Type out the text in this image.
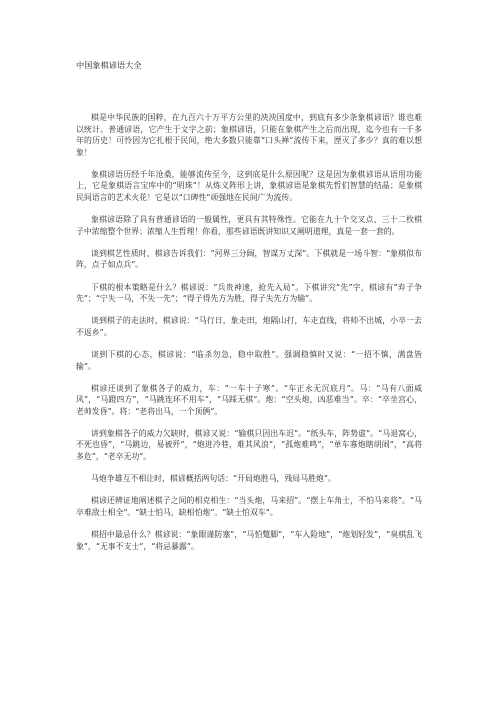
中国象棋谚语大全

棋是中华民族的国粹，在九百六十万平方公里的泱泱国度中，到底有多少条象棋谚语？谁也难以统计。普通谚语，它产生于文字之前；象棋谚语，只能在象棋产生之后而出现，迄今也有一千多年的历史！可怜因为它扎根于民间，绝大多数只能靠“口头禅”流传下来，湮灭了多少？真的难以想象！

象棋谚语历经千年沧桑，能够流传至今，这到底是什么原因呢？这是因为象棋谚语从语用功能上，它是象棋语言宝库中的“明珠”！从炼义阵形上讲，象棋谚语是象棋先哲们智慧的结晶；是象棋民间语言的艺术火花！它是以“口碑性”顽强地在民间广为流传。

象棋谚语除了具有普通谚语的一般属性，更具有其特殊性。它能在九十个交叉点、三十二枚棋子中浓缩整个世界；浓缩人生哲理！你看，那些谚语既讲知识又阐明道理，真是一套一套的。

谈到棋艺性质时，棋谚告诉我们：“河界三分阔，智谋万丈深”。下棋就是一场斗智：“象棋似布阵，点子如点兵”。

下棋的根本策略是什么？棋谚说：“兵贵神速，抢先入局”。下棋讲究“先”字，棋谚有“弃子争先”；“宁失一马，不失一先”；“得子得先方为胜，得子失先方为输”。

谈到棋子的走法时，棋谚说：“马行日，象走田，炮隔山打，车走直线，将帅不出城，小卒一去不返乡”。

谈到下棋的心态，棋谚说：“临杀勿急，稳中取胜”。强调稳慎时又说：“一招不慎，满盘皆输”。

棋谚还谈到了象棋各子的威力，车：“一车十子寒”。“车正永无沉底月”。马：“马有八面威风”，“马蹬四方”，“马跳连环不用车”，“马踩无棋”。炮：“空头炮，凶恶难当”。卒：“卒坐宫心，老帅发昏”。将：“老将出马，一个顶俩”。

讲到象棋各子的威力欠缺时，棋谚又说：“输棋只因出车迟”。“纸头车，阵势虚”。“马退窝心，不死也昏”，“马跳边，易被歼”，“炮进冷巷，难其风浪”，“孤炮难鸣”，“单车寡炮瞎胡闹”，“高将多危”，“老卒无功”。

马炮争雄互不相让时，棋谚概括两句话：“开局炮胜马，残局马胜炮”。

棋谚还辨证地阐述棋子之间的相克相生：“当头炮，马来招”。“摆上车角士，不怕马来将”。“马卒难敌士相全”。“缺士怕马，缺相怕炮”。“缺士怕双车”。

棋招中最忌什么？棋谚说：“象眼谨防塞”，“马怕蹩脚”，“车入险地”，“炮划轻发”，“臭棋乱飞象”，“无事不支士”，“将忌暴露”。
